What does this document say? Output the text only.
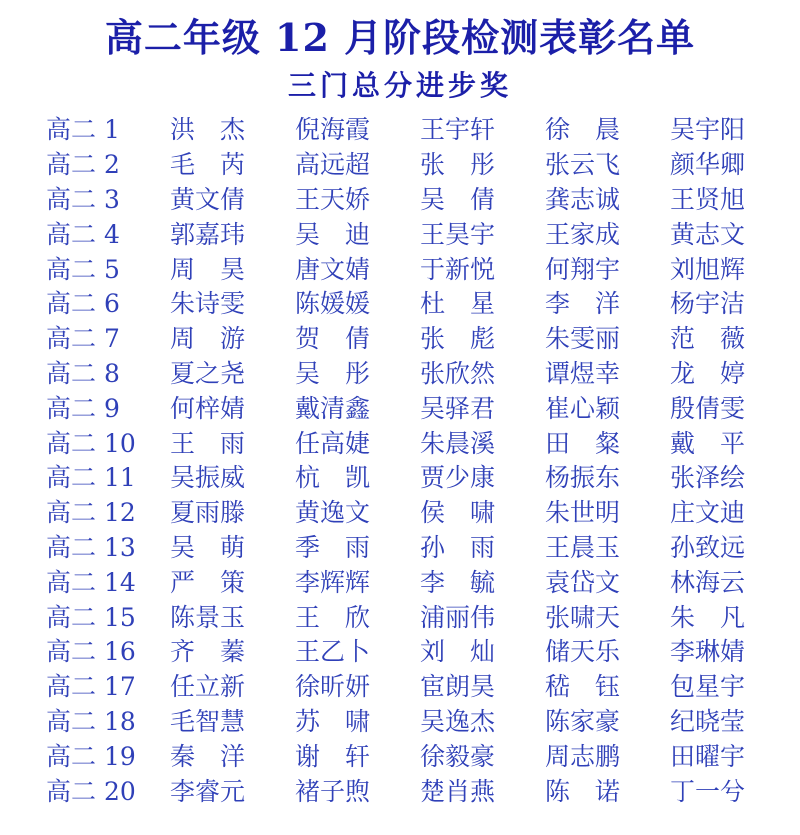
高二年级 12 月阶段检测表彰名单
三门总分进步奖
高二 1	洪　杰	倪海霞	王宇轩	徐　晨	吴宇阳
高二 2	毛　芮	高远超	张　彤	张云飞	颜华卿
高二 3	黄文倩	王天娇	吴　倩	龚志诚	王贤旭
高二 4	郭嘉玮	吴　迪	王昊宇	王家成	黄志文
高二 5	周　昊	唐文婧	于新悦	何翔宇	刘旭辉
高二 6	朱诗雯	陈媛媛	杜　星	李　洋	杨宇洁
高二 7	周　游	贺　倩	张　彪	朱雯丽	范　薇
高二 8	夏之尧	吴　彤	张欣然	谭煜幸	龙　婷
高二 9	何梓婧	戴清鑫	吴驿君	崔心颖	殷倩雯
高二 10	王　雨	任高婕	朱晨溪	田　粲	戴　平
高二 11	吴振威	杭　凯	贾少康	杨振东	张泽绘
高二 12	夏雨滕	黄逸文	侯　啸	朱世明	庄文迪
高二 13	吴　萌	季　雨	孙　雨	王晨玉	孙致远
高二 14	严　策	李辉辉	李　毓	袁岱文	林海云
高二 15	陈景玉	王　欣	浦丽伟	张啸天	朱　凡
高二 16	齐　蓁	王乙卜	刘　灿	储天乐	李琳婧
高二 17	任立新	徐昕妍	宦朗昊	嵇　钰	包星宇
高二 18	毛智慧	苏　啸	吴逸杰	陈家豪	纪晓莹
高二 19	秦　洋	谢　轩	徐毅豪	周志鹏	田曜宇
高二 20	李睿元	褚子煦	楚肖燕	陈　诺	丁一兮
